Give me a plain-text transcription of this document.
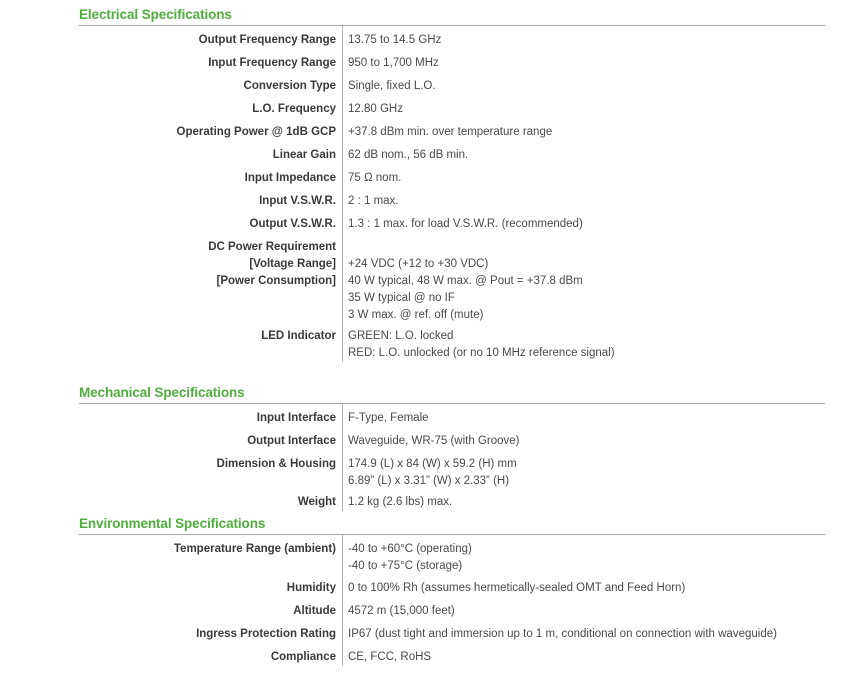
Electrical Specifications
Output Frequency Range 13.75 to 14.5 GHz
Input Frequency Range 950 to 1,700 MHz
Conversion Type Single, fixed L.O.
L.O. Frequency 12.80 GHz
Operating Power @ 1dB GCP +37.8 dBm min. over temperature range
Linear Gain 62 dB nom., 56 dB min.
Input Impedance 75 Ω nom.
Input V.S.W.R. 2 : 1 max.
Output V.S.W.R. 1.3 : 1 max. for load V.S.W.R. (recommended)
DC Power Requirement
[Voltage Range]
[Power Consumption]

+24 VDC (+12 to +30 VDC)
40 W typical, 48 W max. @ Pout = +37.8 dBm
35 W typical @ no IF
3 W max. @ ref. off (mute)
LED Indicator
GREEN: L.O. locked
RED: L.O. unlocked (or no 10 MHz reference signal)
Mechanical Specifications
Input Interface F-Type, Female
Output Interface Waveguide, WR-75 (with Groove)
Dimension & Housing
174.9 (L) x 84 (W) x 59.2 (H) mm
6.89” (L) x 3.31” (W) x 2.33” (H)
Weight 1.2 kg (2.6 lbs) max.
Environmental Specifications
Temperature Range (ambient)
-40 to +60°C (operating)
-40 to +75°C (storage)
Humidity 0 to 100% Rh (assumes hermetically-sealed OMT and Feed Horn)
Altitude 4572 m (15,000 feet)
Ingress Protection Rating IP67 (dust tight and immersion up to 1 m, conditional on connection with waveguide)
Compliance CE, FCC, RoHS
